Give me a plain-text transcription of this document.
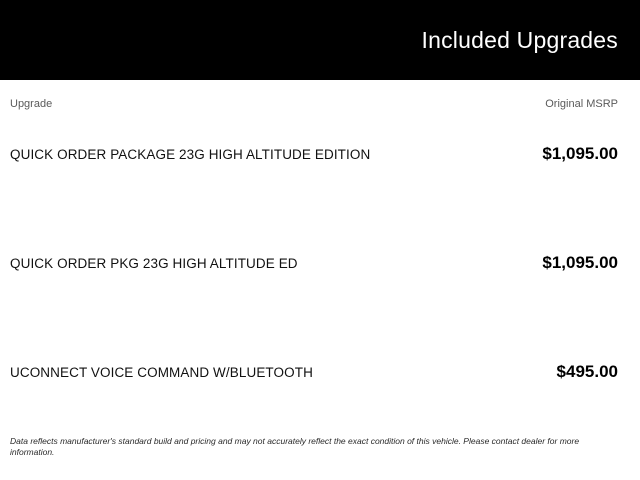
Included Upgrades
Upgrade	Original MSRP
QUICK ORDER PACKAGE 23G HIGH ALTITUDE EDITION	$1,095.00
QUICK ORDER PKG 23G HIGH ALTITUDE ED	$1,095.00
UCONNECT VOICE COMMAND W/BLUETOOTH	$495.00
Data reflects manufacturer's standard build and pricing and may not accurately reflect the exact condition of this vehicle. Please contact dealer for more information.
